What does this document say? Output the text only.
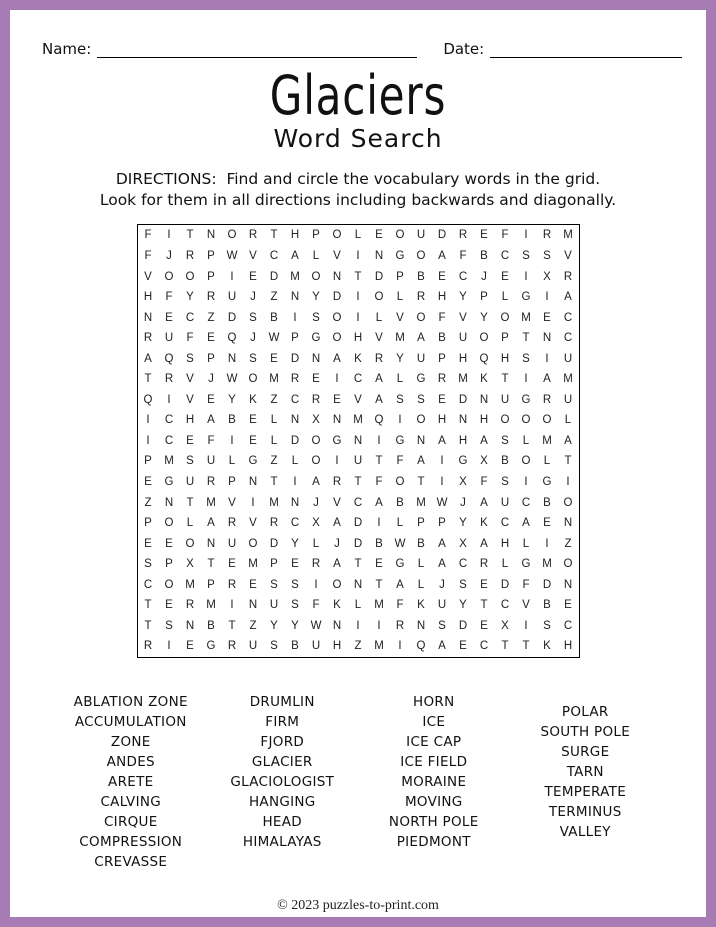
Name:	Date:
Glaciers
Word Search

DIRECTIONS:  Find and circle the vocabulary words in the grid.
Look for them in all directions including backwards and diagonally.

F	I	T	N	O	R	T	H	P	O	L	E	O	U	D	R	E	F	I	R	M
F	J	R	P	W	V	C	A	L	V	I	N	G	O	A	F	B	C	S	S	V
V	O	O	P	I	E	D	M	O	N	T	D	P	B	E	C	J	E	I	X	R
H	F	Y	R	U	J	Z	N	Y	D	I	O	L	R	H	Y	P	L	G	I	A
N	E	C	Z	D	S	B	I	S	O	I	L	V	O	F	V	Y	O	M	E	C
R	U	F	E	Q	J	W	P	G	O	H	V	M	A	B	U	O	P	T	N	C
A	Q	S	P	N	S	E	D	N	A	K	R	Y	U	P	H	Q	H	S	I	U
T	R	V	J	W O	M	R	E	I	C	A	L	G	R	M	K	T	I	A	M
Q	I	V	E	Y	K	Z	C	R	E	V	A	S	S	E	D	N	U	G	R	U
I	C	H	A	B	E	L	N	X	N	M	Q	I	O	H	N	H	O	O	O	L
I	C	E	F	I	E	L	D	O	G	N	I	G	N	A	H	A	S	L	M	A
P	M	S	U	L	G	Z	L	O	I	U	T	F	A	I	G	X	B	O	L	T
E	G	U	R	P	N	T	I	A	R	T	F	O	T	I	X	F	S	I	G	I
Z	N	T	M	V	I	M	N	J	V	C	A	B	M W	J	A	U	C	B	O
P	O	L	A	R	V	R	C	X	A	D	I	L	P	P	Y	K	C	A	E	N
E	E	O	N	U	O	D	Y	L	J	D	B	W	B	A	X	A	H	L	I	Z
S	P	X	T	E	M	P	E	R	A	T	E	G	L	A	C	R	L	G	M	O
C	O	M	P	R	E	S	S	I	O	N	T	A	L	J	S	E	D	F	D	N
T	E	R	M	I	N	U	S	F	K	L	M	F	K	U	Y	T	C	V	B	E
T	S	N	B	T	Z	Y	Y	W N	I	I	R	N	S	D	E	X	I	S	C
R	I	E	G	R	U	S	B	U	H	Z	M	I	Q	A	E	C	T	T	K	H
ABLATION ZONE
ACCUMULATION ZONE
ANDES
ARETE
CALVING
CIRQUE
COMPRESSION
CREVASSE
DRUMLIN
FIRM
FJORD
GLACIER
GLACIOLOGIST
HANGING
HEAD
HIMALAYAS
HORN
ICE
ICE CAP
ICE FIELD
MORAINE
MOVING
NORTH POLE
PIEDMONT
POLAR
SOUTH POLE
SURGE
TARN
TEMPERATE
TERMINUS
VALLEY
© 2023 puzzles-to-print.com
